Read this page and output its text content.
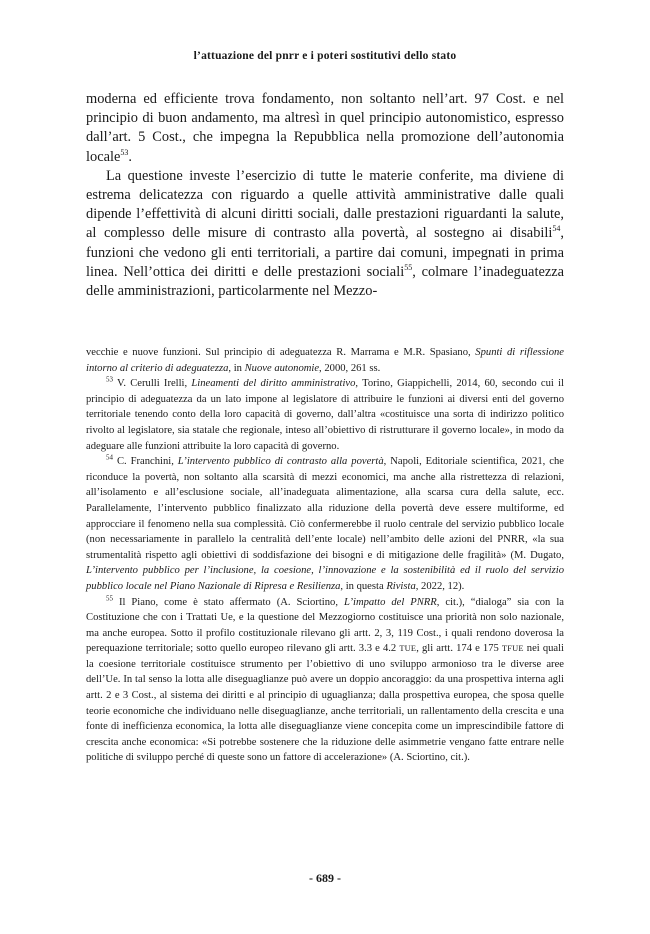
l’attuazione del pnrr e i poteri sostitutivi dello stato

moderna ed efficiente trova fondamento, non soltanto nell’art. 97 Cost. e nel principio di buon andamento, ma altresì in quel principio autonomistico, espresso dall’art. 5 Cost., che impegna la Repubblica nella promozione dell’autonomia locale$^{53}$.

La questione investe l’esercizio di tutte le materie conferite, ma diviene di estrema delicatezza con riguardo a quelle attività amministrative dalle quali dipende l’effettività di alcuni diritti sociali, dalle prestazioni riguardanti la salute, al complesso delle misure di contrasto alla povertà, al sostegno ai disabili$^{54}$, funzioni che vedono gli enti territoriali, a partire dai comuni, impegnati in prima linea. Nell’ottica dei diritti e delle prestazioni sociali$^{55}$, colmare l’inadeguatezza delle amministrazioni, particolarmente nel Mezzo-

vecchie e nuove funzioni. Sul principio di adeguatezza R. Marrama e M.R. Spasiano, Spunti di riflessione intorno al criterio di adeguatezza, in Nuove autonomie, 2000, 261 ss.

$^{53}$ V. Cerulli Irelli, Lineamenti del diritto amministrativo, Torino, Giappichelli, 2014, 60, secondo cui il principio di adeguatezza da un lato impone al legislatore di attribuire le funzioni ai diversi enti del governo territoriale tenendo conto della loro capacità di governo, dall’altra «costituisce una sorta di indirizzo politico rivolto al legislatore, sia statale che regionale, inteso all’obiettivo di ristrutturare il governo locale», in modo da adeguare alle funzioni attribuite la loro capacità di governo.

$^{54}$ C. Franchini, L’intervento pubblico di contrasto alla povertà, Napoli, Editoriale scientifica, 2021, che riconduce la povertà, non soltanto alla scarsità di mezzi economici, ma anche alla ristrettezza di relazioni, all’isolamento e all’esclusione sociale, all’inadeguata alimentazione, alla scarsa cura della salute, ecc. Parallelamente, l’intervento pubblico finalizzato alla riduzione della povertà deve essere multiforme, ed approcciare il fenomeno nella sua complessità. Ciò confermerebbe il ruolo centrale del servizio pubblico locale (non necessariamente in parallelo la centralità dell’ente locale) nell’ambito delle azioni del PNRR, «la sua strumentalità rispetto agli obiettivi di soddisfazione dei bisogni e di mitigazione delle fragilità» (M. Dugato, L’intervento pubblico per l’inclusione, la coesione, l’innovazione e la sostenibilità ed il ruolo del servizio pubblico locale nel Piano Nazionale di Ripresa e Resilienza, in questa Rivista, 2022, 12).

$^{55}$ Il Piano, come è stato affermato (A. Sciortino, L’impatto del PNRR, cit.), “dialoga” sia con la Costituzione che con i Trattati Ue, e la questione del Mezzogiorno costituisce una priorità non solo nazionale, ma anche europea. Sotto il profilo costituzionale rilevano gli artt. 2, 3, 119 Cost., i quali rendono doverosa la perequazione territoriale; sotto quello europeo rilevano gli artt. 3.3 e 4.2 TUE, gli artt. 174 e 175 TFUE nei quali la coesione territoriale costituisce strumento per l’obiettivo di uno sviluppo armonioso tra le diverse aree dell’Ue. In tal senso la lotta alle diseguaglianze può avere un doppio ancoraggio: da una prospettiva interna agli artt. 2 e 3 Cost., al sistema dei diritti e al principio di uguaglianza; dalla prospettiva europea, che sposa quelle teorie economiche che individuano nelle diseguaglianze, anche territoriali, un rallentamento della crescita e una fonte di inefficienza economica, la lotta alle diseguaglianze viene concepita come un imprescindibile fattore di crescita anche economica: «Si potrebbe sostenere che la riduzione delle asimmetrie vengano fatte entrare nelle politiche di sviluppo perché di queste sono un fattore di accelerazione» (A. Sciortino, cit.).

- 689 -
